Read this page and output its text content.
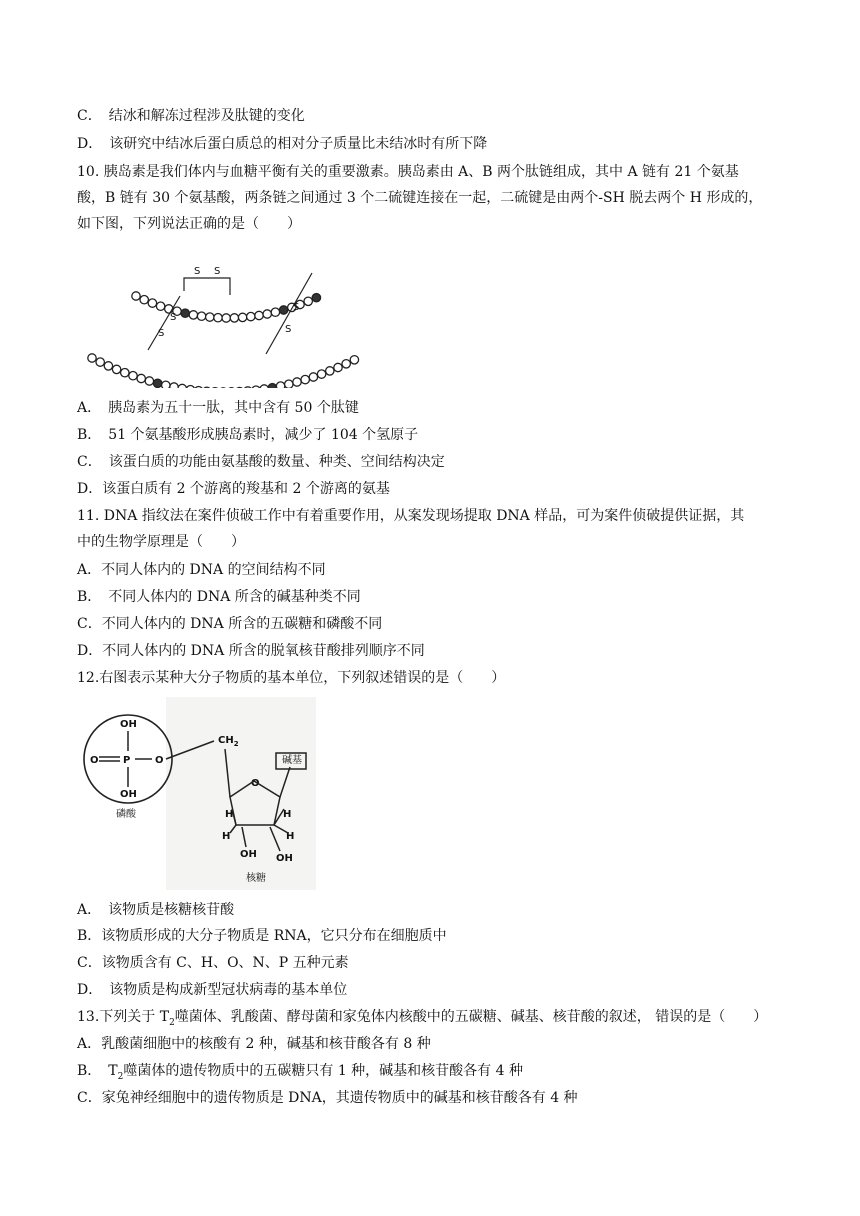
C．　结冰和解冻过程涉及肽键的变化
D．　该研究中结冰后蛋白质总的相对分子质量比未结冰时有所下降
10. 胰岛素是我们体内与血糖平衡有关的重要激素。胰岛素由 A、B 两个肽链组成，其中 A 链有 21 个氨基
酸，B 链有 30 个氨基酸，两条链之间通过 3 个二硫键连接在一起，二硫键是由两个-SH 脱去两个 H 形成的，
如下图，下列说法正确的是（　　）
S S
S
S
S
S
A．　胰岛素为五十一肽，其中含有 50 个肽键
B．　51 个氨基酸形成胰岛素时，减少了 104 个氢原子
C．　该蛋白质的功能由氨基酸的数量、种类、空间结构决定
D．该蛋白质有 2 个游离的羧基和 2 个游离的氨基
11. DNA 指纹法在案件侦破工作中有着重要作用，从案发现场提取 DNA 样品，可为案件侦破提供证据，其
中的生物学原理是（　　）
A．不同人体内的 DNA 的空间结构不同
B．　不同人体内的 DNA 所含的碱基种类不同
C．不同人体内的 DNA 所含的五碳糖和磷酸不同
D．不同人体内的 DNA 所含的脱氧核苷酸排列顺序不同
12.右图表示某种大分子物质的基本单位，下列叙述错误的是（　　）
OH
O P O
OH
$CH_2$
O
H	H
H	H
OH OH
磷酸
核糖
碱基
A．　该物质是核糖核苷酸
B．该物质形成的大分子物质是 RNA，它只分布在细胞质中
C．该物质含有 C、H、O、N、P 五种元素
D．　该物质是构成新型冠状病毒的基本单位
13.下列关于 $T_2$噬菌体、乳酸菌、酵母菌和家兔体内核酸中的五碳糖、碱基、核苷酸的叙述， 错误的是（　　）
A．乳酸菌细胞中的核酸有 2 种，碱基和核苷酸各有 8 种
B．　$T_2$噬菌体的遗传物质中的五碳糖只有 1 种，碱基和核苷酸各有 4 种
C．家兔神经细胞中的遗传物质是 DNA，其遗传物质中的碱基和核苷酸各有 4 种
